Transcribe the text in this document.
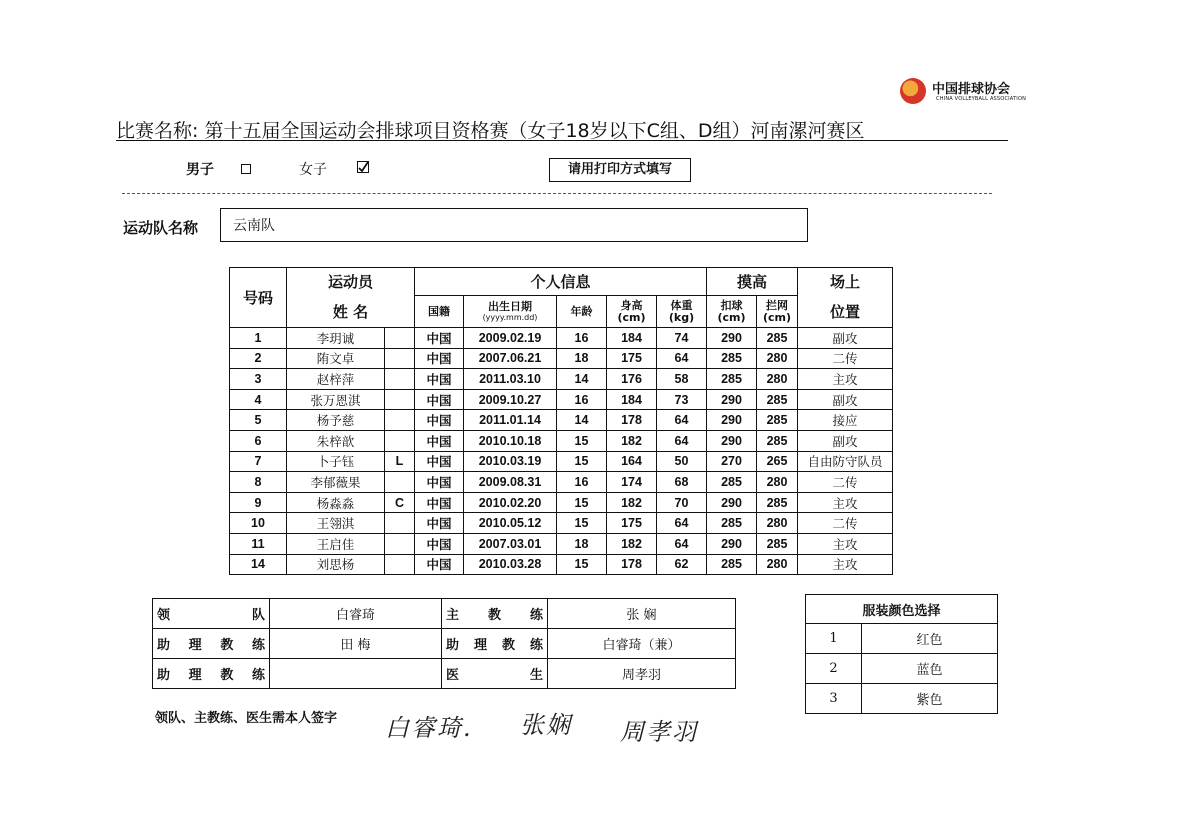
中国排球协会
CHINA VOLLEYBALL ASSOCIATION
比赛名称: 第十五届全国运动会排球项目资格赛（女子18岁以下C组、D组）河南漯河赛区
男子	女子	请用打印方式填写
运动队名称	云南队
号码	运动员		个人信息					摸高		场上
	姓 名		国籍	出生日期
(yyyy.mm.dd)	年龄	身高
(cm)	体重
(kg)	扣球
(cm)	拦网
(cm)	位置
1	李玥诚		中国	2009.02.19	16	184	74	290	285	副攻
2	陏文卓		中国	2007.06.21	18	175	64	285	280	二传
3	赵梓萍		中国	2011.03.10	14	176	58	285	280	主攻
4	张万恩淇		中国	2009.10.27	16	184	73	290	285	副攻
5	杨予慈		中国	2011.01.14	14	178	64	290	285	接应
6	朱梓歆		中国	2010.10.18	15	182	64	290	285	副攻
7	卜子钰	L	中国	2010.03.19	15	164	50	270	265	自由防守队员
8	李郁薇果		中国	2009.08.31	16	174	68	285	280	二传
9	杨淼淼	C	中国	2010.02.20	15	182	70	290	285	主攻
10	王翎淇		中国	2010.05.12	15	175	64	285	280	二传
11	王启佳		中国	2007.03.01	18	182	64	290	285	主攻
14	刘思杨		中国	2010.03.28	15	178	62	285	280	主攻
领 队	白睿琦	主 教 练	张 娴

助 理 教 练	田 梅	助 理 教 练	白睿琦（兼）

助 理 教 练		医 生	周孝羽
服装颜色选择	
1	红色
2	蓝色
3	紫色
领队、主教练、医生需本人签字 白睿琦. 张娴 周孝羽
